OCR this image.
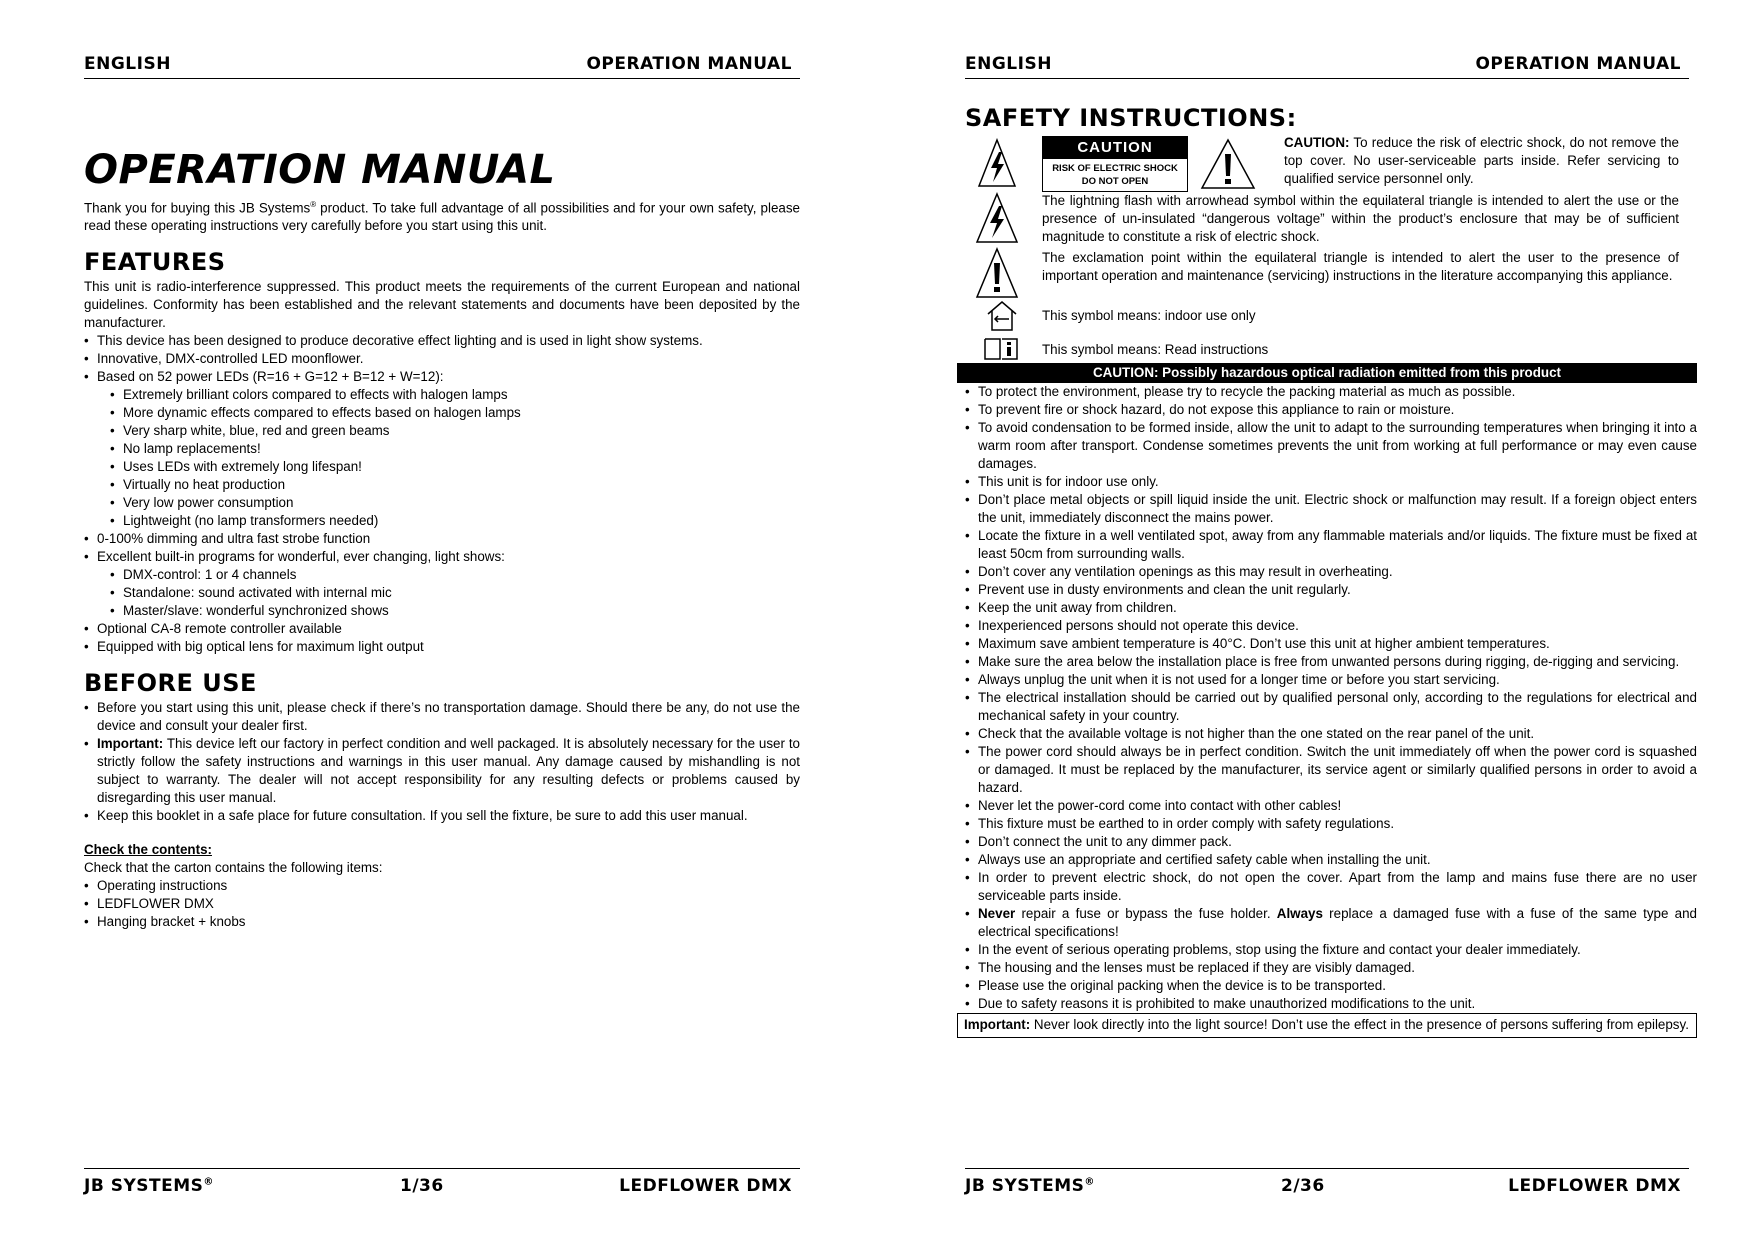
ENGLISH	OPERATION MANUAL
OPERATION MANUAL

Thank you for buying this JB Systems® product. To take full advantage of all possibilities and for your own safety, please read these operating instructions very carefully before you start using this unit.

FEATURES

This unit is radio-interference suppressed. This product meets the requirements of the current European and national guidelines. Conformity has been established and the relevant statements and documents have been deposited by the manufacturer.

• This device has been designed to produce decorative effect lighting and is used in light show systems.
• Innovative, DMX-controlled LED moonflower.
• Based on 52 power LEDs (R=16 + G=12 + B=12 + W=12):
• Extremely brilliant colors compared to effects with halogen lamps
• More dynamic effects compared to effects based on halogen lamps
• Very sharp white, blue, red and green beams
• No lamp replacements!
• Uses LEDs with extremely long lifespan!
• Virtually no heat production
• Very low power consumption
• Lightweight (no lamp transformers needed)
• 0-100% dimming and ultra fast strobe function
• Excellent built-in programs for wonderful, ever changing, light shows:
• DMX-control: 1 or 4 channels
• Standalone: sound activated with internal mic
• Master/slave: wonderful synchronized shows
• Optional CA-8 remote controller available
• Equipped with big optical lens for maximum light output
BEFORE USE
• Before you start using this unit, please check if there’s no transportation damage. Should there be any, do not use the device and consult your dealer first.
• Important: This device left our factory in perfect condition and well packaged. It is absolutely necessary for the user to strictly follow the safety instructions and warnings in this user manual. Any damage caused by mishandling is not subject to warranty. The dealer will not accept responsibility for any resulting defects or problems caused by disregarding this user manual.
• Keep this booklet in a safe place for future consultation. If you sell the fixture, be sure to add this user manual.

Check the contents:

Check that the carton contains the following items:

• Operating instructions
• LEDFLOWER DMX
• Hanging bracket + knobs
JB SYSTEMS®	1/36	LEDFLOWER DMX
ENGLISH	OPERATION MANUAL
SAFETY INSTRUCTIONS:
CAUTION
RISK OF ELECTRIC SHOCK
DO NOT OPEN

CAUTION: To reduce the risk of electric shock, do not remove the top cover. No user-serviceable parts inside. Refer servicing to qualified service personnel only.

The lightning flash with arrowhead symbol within the equilateral triangle is intended to alert the use or the presence of un-insulated “dangerous voltage” within the product’s enclosure that may be of sufficient magnitude to constitute a risk of electric shock.

The exclamation point within the equilateral triangle is intended to alert the user to the presence of important operation and maintenance (servicing) instructions in the literature accompanying this appliance.

This symbol means: indoor use only

This symbol means: Read instructions

CAUTION: Possibly hazardous optical radiation emitted from this product
• To protect the environment, please try to recycle the packing material as much as possible.
• To prevent fire or shock hazard, do not expose this appliance to rain or moisture.
• To avoid condensation to be formed inside, allow the unit to adapt to the surrounding temperatures when bringing it into a warm room after transport. Condense sometimes prevents the unit from working at full performance or may even cause damages.
• This unit is for indoor use only.
• Don’t place metal objects or spill liquid inside the unit. Electric shock or malfunction may result. If a foreign object enters the unit, immediately disconnect the mains power.
• Locate the fixture in a well ventilated spot, away from any flammable materials and/or liquids. The fixture must be fixed at least 50cm from surrounding walls.
• Don’t cover any ventilation openings as this may result in overheating.
• Prevent use in dusty environments and clean the unit regularly.
• Keep the unit away from children.
• Inexperienced persons should not operate this device.
• Maximum save ambient temperature is 40°C. Don’t use this unit at higher ambient temperatures.
• Make sure the area below the installation place is free from unwanted persons during rigging, de-rigging and servicing.
• Always unplug the unit when it is not used for a longer time or before you start servicing.
• The electrical installation should be carried out by qualified personal only, according to the regulations for electrical and mechanical safety in your country.
• Check that the available voltage is not higher than the one stated on the rear panel of the unit.
• The power cord should always be in perfect condition. Switch the unit immediately off when the power cord is squashed or damaged. It must be replaced by the manufacturer, its service agent or similarly qualified persons in order to avoid a hazard.
• Never let the power-cord come into contact with other cables!
• This fixture must be earthed to in order comply with safety regulations.
• Don’t connect the unit to any dimmer pack.
• Always use an appropriate and certified safety cable when installing the unit.
• In order to prevent electric shock, do not open the cover. Apart from the lamp and mains fuse there are no user serviceable parts inside.
• Never repair a fuse or bypass the fuse holder. Always replace a damaged fuse with a fuse of the same type and electrical specifications!
• In the event of serious operating problems, stop using the fixture and contact your dealer immediately.
• The housing and the lenses must be replaced if they are visibly damaged.
• Please use the original packing when the device is to be transported.
• Due to safety reasons it is prohibited to make unauthorized modifications to the unit.

Important: Never look directly into the light source! Don’t use the effect in the presence of persons suffering from epilepsy.

JB SYSTEMS®	2/36	LEDFLOWER DMX
